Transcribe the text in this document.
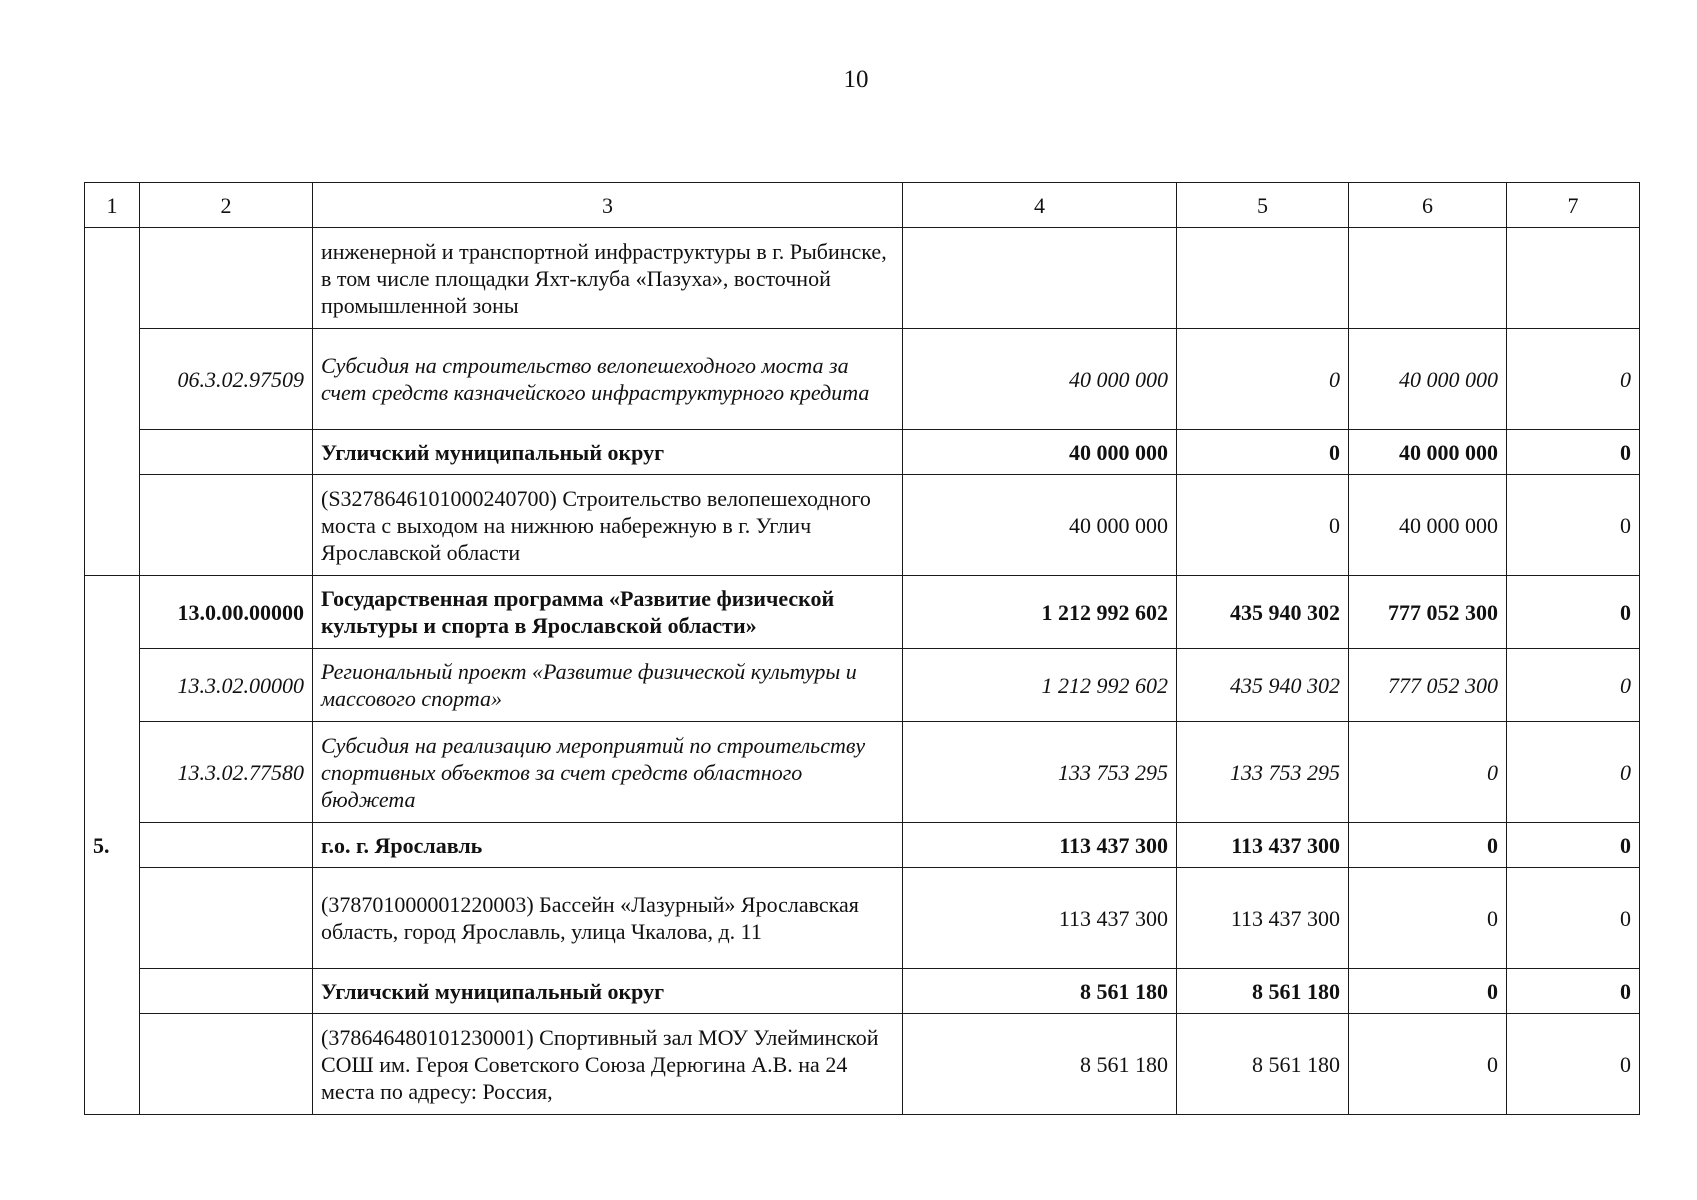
10
1	2	3	4	5	6	7
		инженерной и транспортной инфраструктуры в г. Рыбинске, в том числе площадки Яхт-клуба «Пазуха», восточной промышленной зоны				
	06.3.02.97509	Субсидия на строительство велопешеходного моста за счет средств казначейского инфраструктурного кредита	40 000 000	0	40 000 000	0
		Угличский муниципальный округ	40 000 000	0	40 000 000	0
		(S3278646101000240700) Строительство велопешеходного моста с выходом на нижнюю набережную в г. Углич Ярославской области	40 000 000	0	40 000 000	0
5.	13.0.00.00000	Государственная программа «Развитие физической культуры и спорта в Ярославской области»	1 212 992 602	435 940 302	777 052 300	0
	13.3.02.00000	Региональный проект «Развитие физической культуры и массового спорта»	1 212 992 602	435 940 302	777 052 300	0
	13.3.02.77580	Субсидия на реализацию мероприятий по строительству спортивных объектов за счет средств областного бюджета	133 753 295	133 753 295	0	0
		г.о. г. Ярославль	113 437 300	113 437 300	0	0
		(378701000001220003) Бассейн «Лазурный» Ярославская область, город Ярославль, улица Чкалова, д. 11	113 437 300	113 437 300	0	0
		Угличский муниципальный округ	8 561 180	8 561 180	0	0
		(378646480101230001) Спортивный зал МОУ Улейминской СОШ им. Героя Советского Союза Дерюгина А.В. на 24 места по адресу: Россия,	8 561 180	8 561 180	0	0
